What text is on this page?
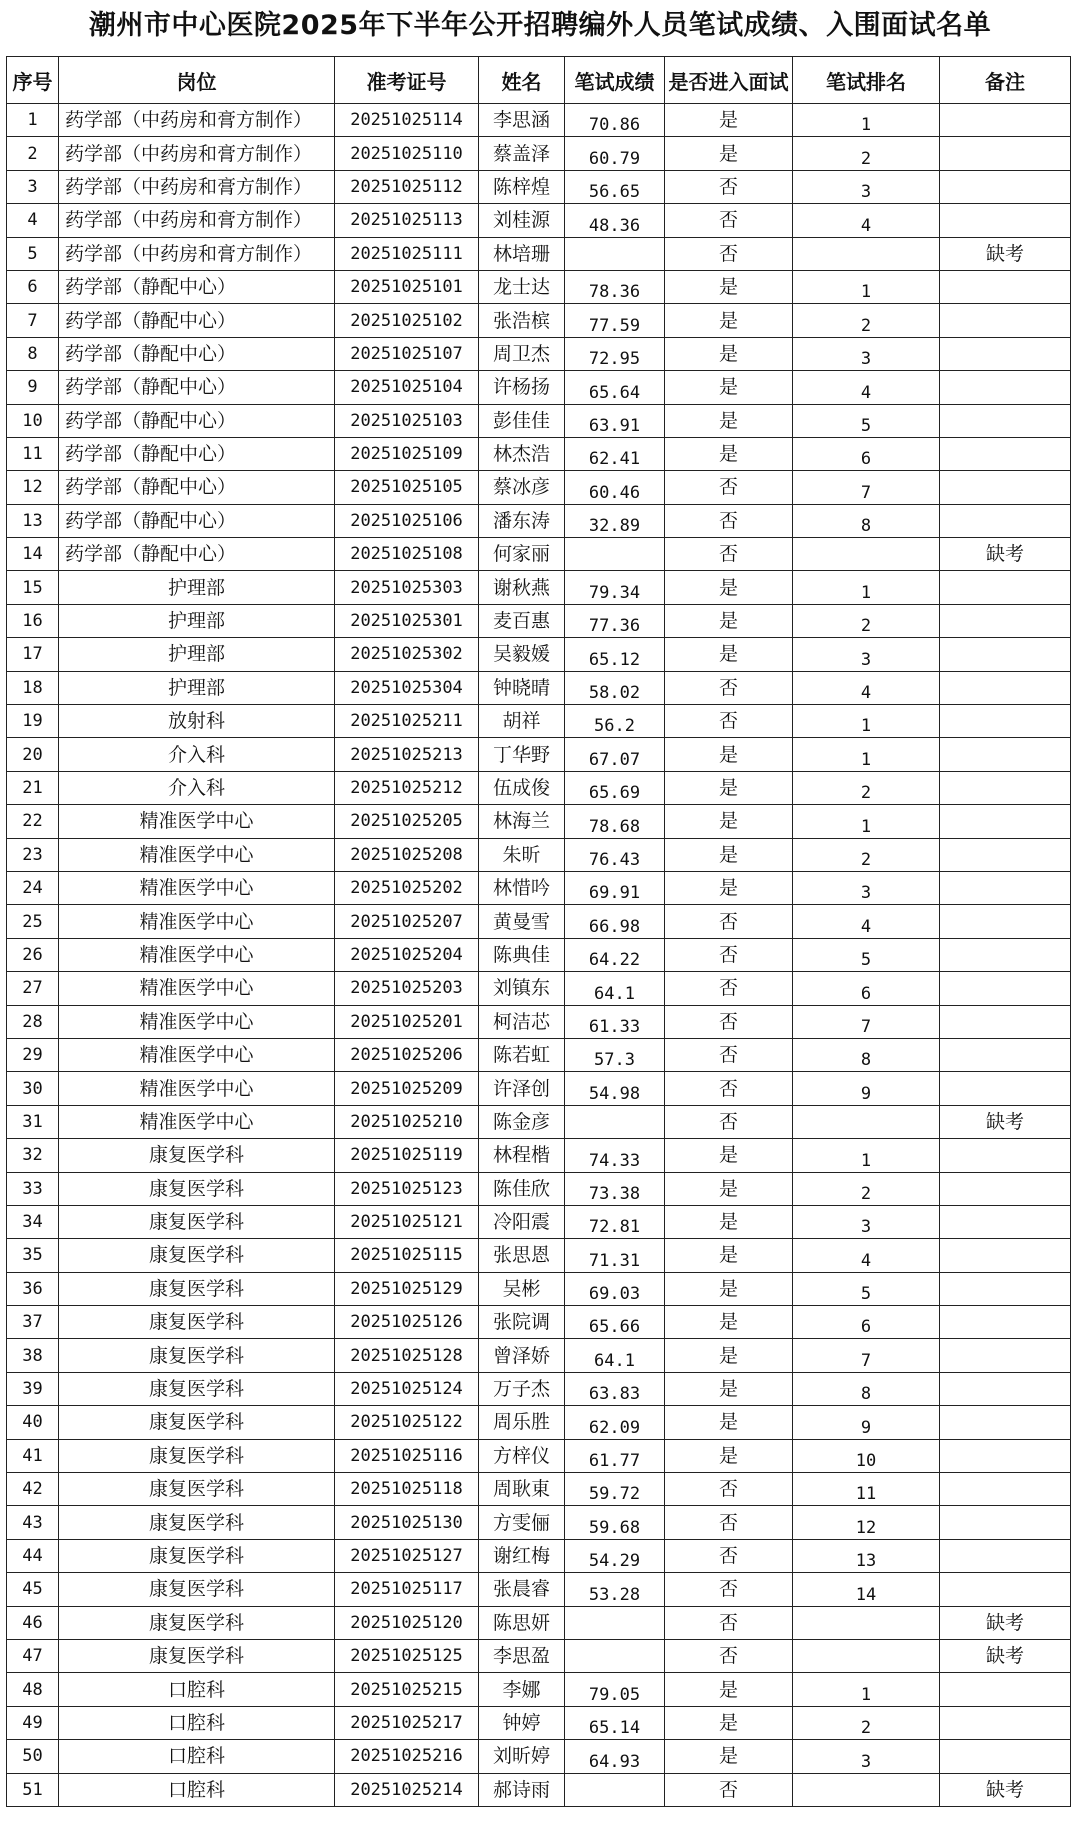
潮州市中心医院2025年下半年公开招聘编外人员笔试成绩、入围面试名单
序号	岗位	准考证号	姓名	笔试成绩	是否进入面试	笔试排名	备注
1	药学部（中药房和膏方制作）	20251025114	李思涵	70.86	是	1	
2	药学部（中药房和膏方制作）	20251025110	蔡盖泽	60.79	是	2	
3	药学部（中药房和膏方制作）	20251025112	陈梓煌	56.65	否	3	
4	药学部（中药房和膏方制作）	20251025113	刘桂源	48.36	否	4	
5	药学部（中药房和膏方制作）	20251025111	林培珊		否		缺考
6	药学部（静配中心）	20251025101	龙士达	78.36	是	1	
7	药学部（静配中心）	20251025102	张浩槟	77.59	是	2	
8	药学部（静配中心）	20251025107	周卫杰	72.95	是	3	
9	药学部（静配中心）	20251025104	许杨扬	65.64	是	4	
10	药学部（静配中心）	20251025103	彭佳佳	63.91	是	5	
11	药学部（静配中心）	20251025109	林杰浩	62.41	是	6	
12	药学部（静配中心）	20251025105	蔡冰彦	60.46	否	7	
13	药学部（静配中心）	20251025106	潘东涛	32.89	否	8	
14	药学部（静配中心）	20251025108	何家丽		否		缺考
15	护理部	20251025303	谢秋燕	79.34	是	1	
16	护理部	20251025301	麦百惠	77.36	是	2	
17	护理部	20251025302	吴毅媛	65.12	是	3	
18	护理部	20251025304	钟晓晴	58.02	否	4	
19	放射科	20251025211	胡祥	56.2	否	1	
20	介入科	20251025213	丁华野	67.07	是	1	
21	介入科	20251025212	伍成俊	65.69	是	2	
22	精准医学中心	20251025205	林海兰	78.68	是	1	
23	精准医学中心	20251025208	朱昕	76.43	是	2	
24	精准医学中心	20251025202	林惜吟	69.91	是	3	
25	精准医学中心	20251025207	黄曼雪	66.98	否	4	
26	精准医学中心	20251025204	陈典佳	64.22	否	5	
27	精准医学中心	20251025203	刘镇东	64.1	否	6	
28	精准医学中心	20251025201	柯洁芯	61.33	否	7	
29	精准医学中心	20251025206	陈若虹	57.3	否	8	
30	精准医学中心	20251025209	许泽创	54.98	否	9	
31	精准医学中心	20251025210	陈金彦		否		缺考
32	康复医学科	20251025119	林程楷	74.33	是	1	
33	康复医学科	20251025123	陈佳欣	73.38	是	2	
34	康复医学科	20251025121	冷阳震	72.81	是	3	
35	康复医学科	20251025115	张思恩	71.31	是	4	
36	康复医学科	20251025129	吴彬	69.03	是	5	
37	康复医学科	20251025126	张院调	65.66	是	6	
38	康复医学科	20251025128	曾泽娇	64.1	是	7	
39	康复医学科	20251025124	万子杰	63.83	是	8	
40	康复医学科	20251025122	周乐胜	62.09	是	9	
41	康复医学科	20251025116	方梓仪	61.77	是	10	
42	康复医学科	20251025118	周耿東	59.72	否	11	
43	康复医学科	20251025130	方雯俪	59.68	否	12	
44	康复医学科	20251025127	谢红梅	54.29	否	13	
45	康复医学科	20251025117	张晨睿	53.28	否	14	
46	康复医学科	20251025120	陈思妍		否		缺考
47	康复医学科	20251025125	李思盈		否		缺考
48	口腔科	20251025215	李娜	79.05	是	1	
49	口腔科	20251025217	钟婷	65.14	是	2	
50	口腔科	20251025216	刘昕婷	64.93	是	3	
51	口腔科	20251025214	郝诗雨		否		缺考
